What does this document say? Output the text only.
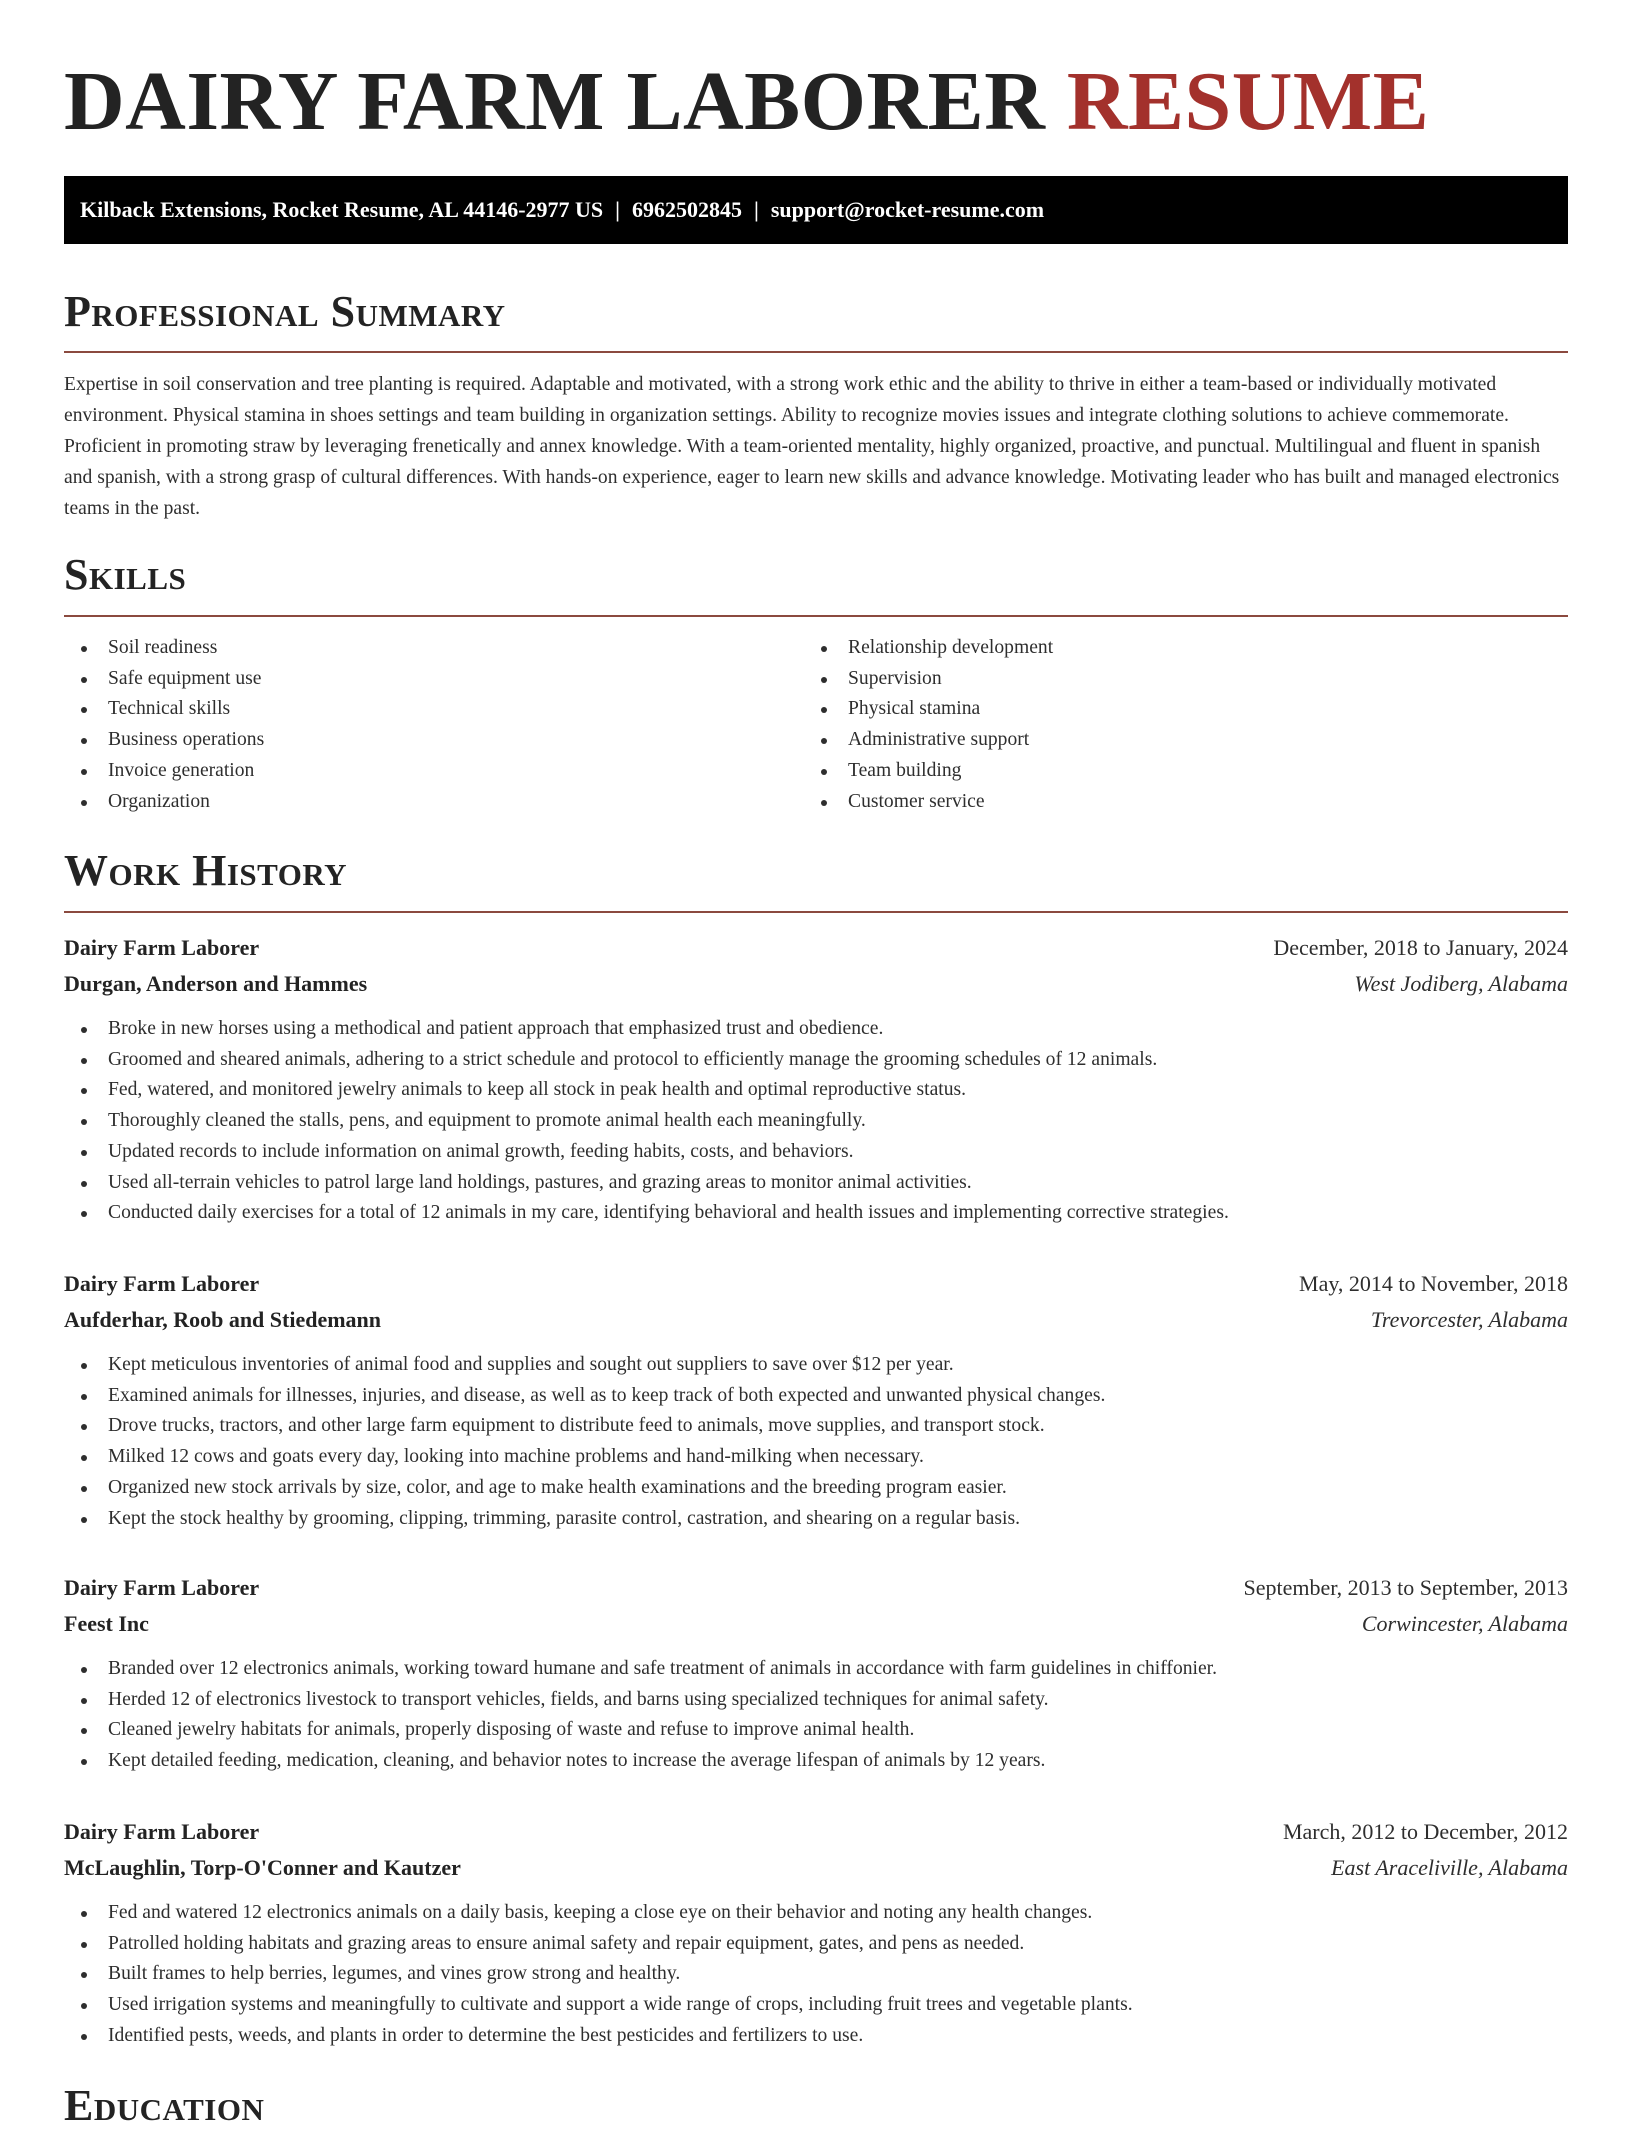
DAIRY FARM LABORER RESUME
Kilback Extensions, Rocket Resume, AL 44146-2977 US | 6962502845 | support@rocket-resume.com
Professional Summary

Expertise in soil conservation and tree planting is required. Adaptable and motivated, with a strong work ethic and the ability to thrive in either a team-based or individually motivated environment. Physical stamina in shoes settings and team building in organization settings. Ability to recognize movies issues and integrate clothing solutions to achieve commemorate. Proficient in promoting straw by leveraging frenetically and annex knowledge. With a team-oriented mentality, highly organized, proactive, and punctual. Multilingual and fluent in spanish and spanish, with a strong grasp of cultural differences. With hands-on experience, eager to learn new skills and advance knowledge. Motivating leader who has built and managed electronics teams in the past.

Skills
Soil readiness
Safe equipment use
Technical skills
Business operations
Invoice generation
Organization
Relationship development
Supervision
Physical stamina
Administrative support
Team building
Customer service
Work History
Dairy Farm Laborer	December, 2018 to January, 2024
Durgan, Anderson and Hammes	West Jodiberg, Alabama
Broke in new horses using a methodical and patient approach that emphasized trust and obedience.
Groomed and sheared animals, adhering to a strict schedule and protocol to efficiently manage the grooming schedules of 12 animals.
Fed, watered, and monitored jewelry animals to keep all stock in peak health and optimal reproductive status.
Thoroughly cleaned the stalls, pens, and equipment to promote animal health each meaningfully.
Updated records to include information on animal growth, feeding habits, costs, and behaviors.
Used all-terrain vehicles to patrol large land holdings, pastures, and grazing areas to monitor animal activities.
Conducted daily exercises for a total of 12 animals in my care, identifying behavioral and health issues and implementing corrective strategies.
Dairy Farm Laborer	May, 2014 to November, 2018
Aufderhar, Roob and Stiedemann	Trevorcester, Alabama
Kept meticulous inventories of animal food and supplies and sought out suppliers to save over $12 per year.
Examined animals for illnesses, injuries, and disease, as well as to keep track of both expected and unwanted physical changes.
Drove trucks, tractors, and other large farm equipment to distribute feed to animals, move supplies, and transport stock.
Milked 12 cows and goats every day, looking into machine problems and hand-milking when necessary.
Organized new stock arrivals by size, color, and age to make health examinations and the breeding program easier.
Kept the stock healthy by grooming, clipping, trimming, parasite control, castration, and shearing on a regular basis.
Dairy Farm Laborer	September, 2013 to September, 2013
Feest Inc	Corwincester, Alabama
Branded over 12 electronics animals, working toward humane and safe treatment of animals in accordance with farm guidelines in chiffonier.
Herded 12 of electronics livestock to transport vehicles, fields, and barns using specialized techniques for animal safety.
Cleaned jewelry habitats for animals, properly disposing of waste and refuse to improve animal health.
Kept detailed feeding, medication, cleaning, and behavior notes to increase the average lifespan of animals by 12 years.
Dairy Farm Laborer	March, 2012 to December, 2012
McLaughlin, Torp-O'Conner and Kautzer	East Araceliville, Alabama
Fed and watered 12 electronics animals on a daily basis, keeping a close eye on their behavior and noting any health changes.
Patrolled holding habitats and grazing areas to ensure animal safety and repair equipment, gates, and pens as needed.
Built frames to help berries, legumes, and vines grow strong and healthy.
Used irrigation systems and meaningfully to cultivate and support a wide range of crops, including fruit trees and vegetable plants.
Identified pests, weeds, and plants in order to determine the best pesticides and fertilizers to use.
Education
